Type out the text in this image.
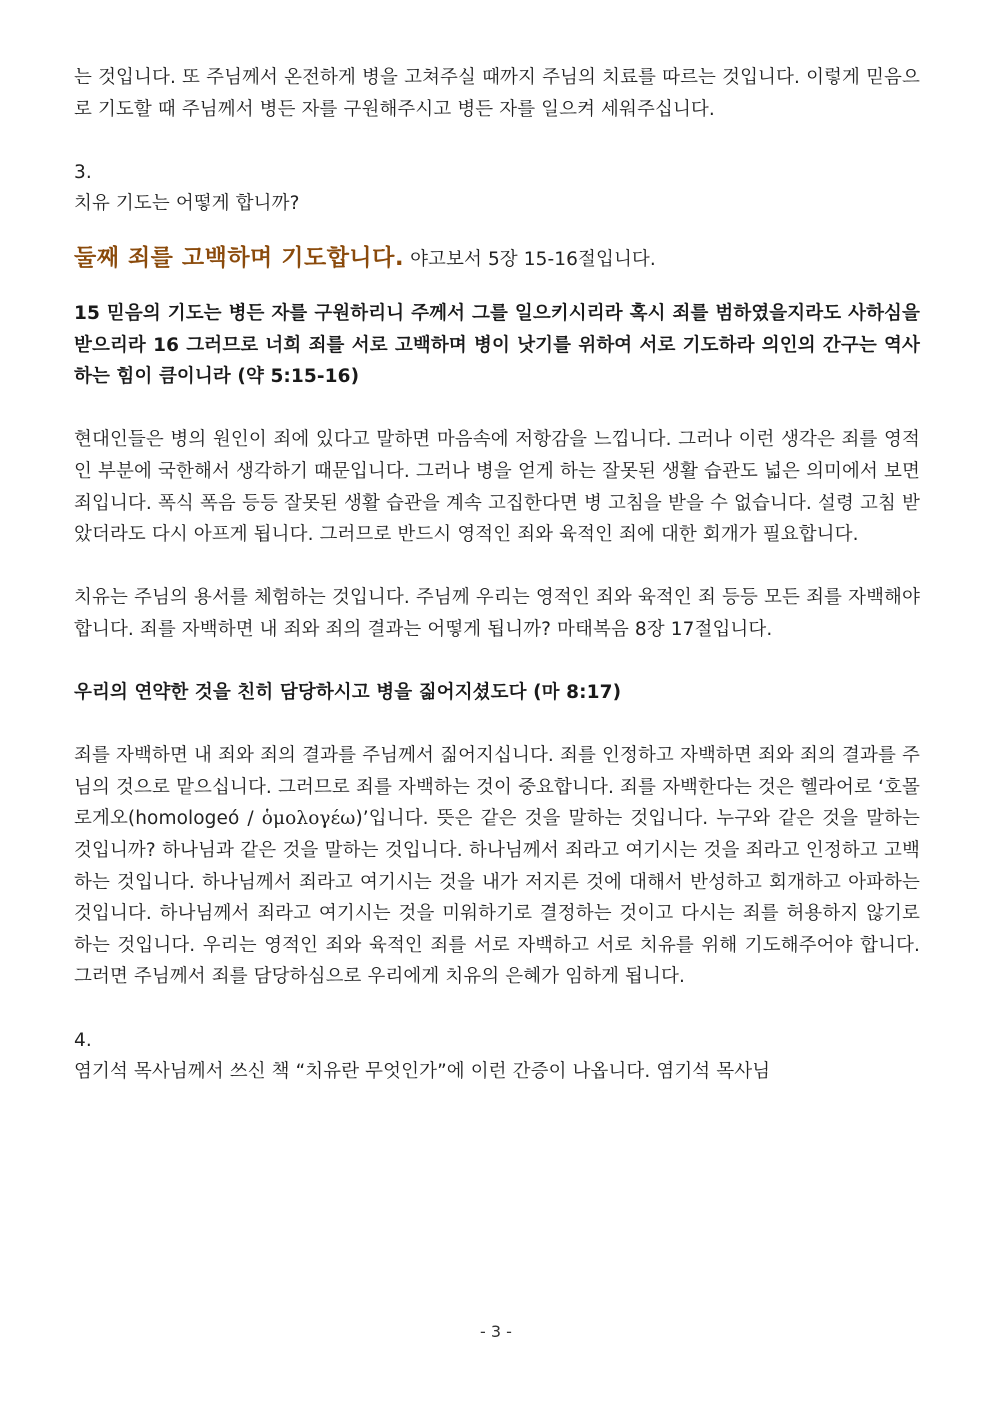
는 것입니다. 또 주님께서 온전하게 병을 고쳐주실 때까지 주님의 치료를 따르는 것입니다. 이렇게 믿음으로 기도할 때 주님께서 병든 자를 구원해주시고 병든 자를 일으켜 세워주십니다.

3.

치유 기도는 어떻게 합니까?

둘째 죄를 고백하며 기도합니다. 야고보서 5장 15-16절입니다.

15 믿음의 기도는 병든 자를 구원하리니 주께서 그를 일으키시리라 혹시 죄를 범하였을지라도 사하심을 받으리라 16 그러므로 너희 죄를 서로 고백하며 병이 낫기를 위하여 서로 기도하라 의인의 간구는 역사하는 힘이 큼이니라 (약 5:15-16)

현대인들은 병의 원인이 죄에 있다고 말하면 마음속에 저항감을 느낍니다. 그러나 이런 생각은 죄를 영적인 부분에 국한해서 생각하기 때문입니다. 그러나 병을 얻게 하는 잘못된 생활 습관도 넓은 의미에서 보면 죄입니다. 폭식 폭음 등등 잘못된 생활 습관을 계속 고집한다면 병 고침을 받을 수 없습니다. 설령 고침 받았더라도 다시 아프게 됩니다. 그러므로 반드시 영적인 죄와 육적인 죄에 대한 회개가 필요합니다.

치유는 주님의 용서를 체험하는 것입니다. 주님께 우리는 영적인 죄와 육적인 죄 등등 모든 죄를 자백해야 합니다. 죄를 자백하면 내 죄와 죄의 결과는 어떻게 됩니까? 마태복음 8장 17절입니다.

우리의 연약한 것을 친히 담당하시고 병을 짊어지셨도다 (마 8:17)

죄를 자백하면 내 죄와 죄의 결과를 주님께서 짊어지십니다. 죄를 인정하고 자백하면 죄와 죄의 결과를 주님의 것으로 맡으십니다. 그러므로 죄를 자백하는 것이 중요합니다. 죄를 자백한다는 것은 헬라어로 ‘호몰로게오(homologeó / ὁμολογέω)’입니다. 뜻은 같은 것을 말하는 것입니다. 누구와 같은 것을 말하는 것입니까? 하나님과 같은 것을 말하는 것입니다. 하나님께서 죄라고 여기시는 것을 죄라고 인정하고 고백하는 것입니다. 하나님께서 죄라고 여기시는 것을 내가 저지른 것에 대해서 반성하고 회개하고 아파하는 것입니다. 하나님께서 죄라고 여기시는 것을 미워하기로 결정하는 것이고 다시는 죄를 허용하지 않기로 하는 것입니다. 우리는 영적인 죄와 육적인 죄를 서로 자백하고 서로 치유를 위해 기도해주어야 합니다. 그러면 주님께서 죄를 담당하심으로 우리에게 치유의 은혜가 임하게 됩니다.

4.

염기석 목사님께서 쓰신 책 “치유란 무엇인가”에 이런 간증이 나옵니다. 염기석 목사님

- 3 -
